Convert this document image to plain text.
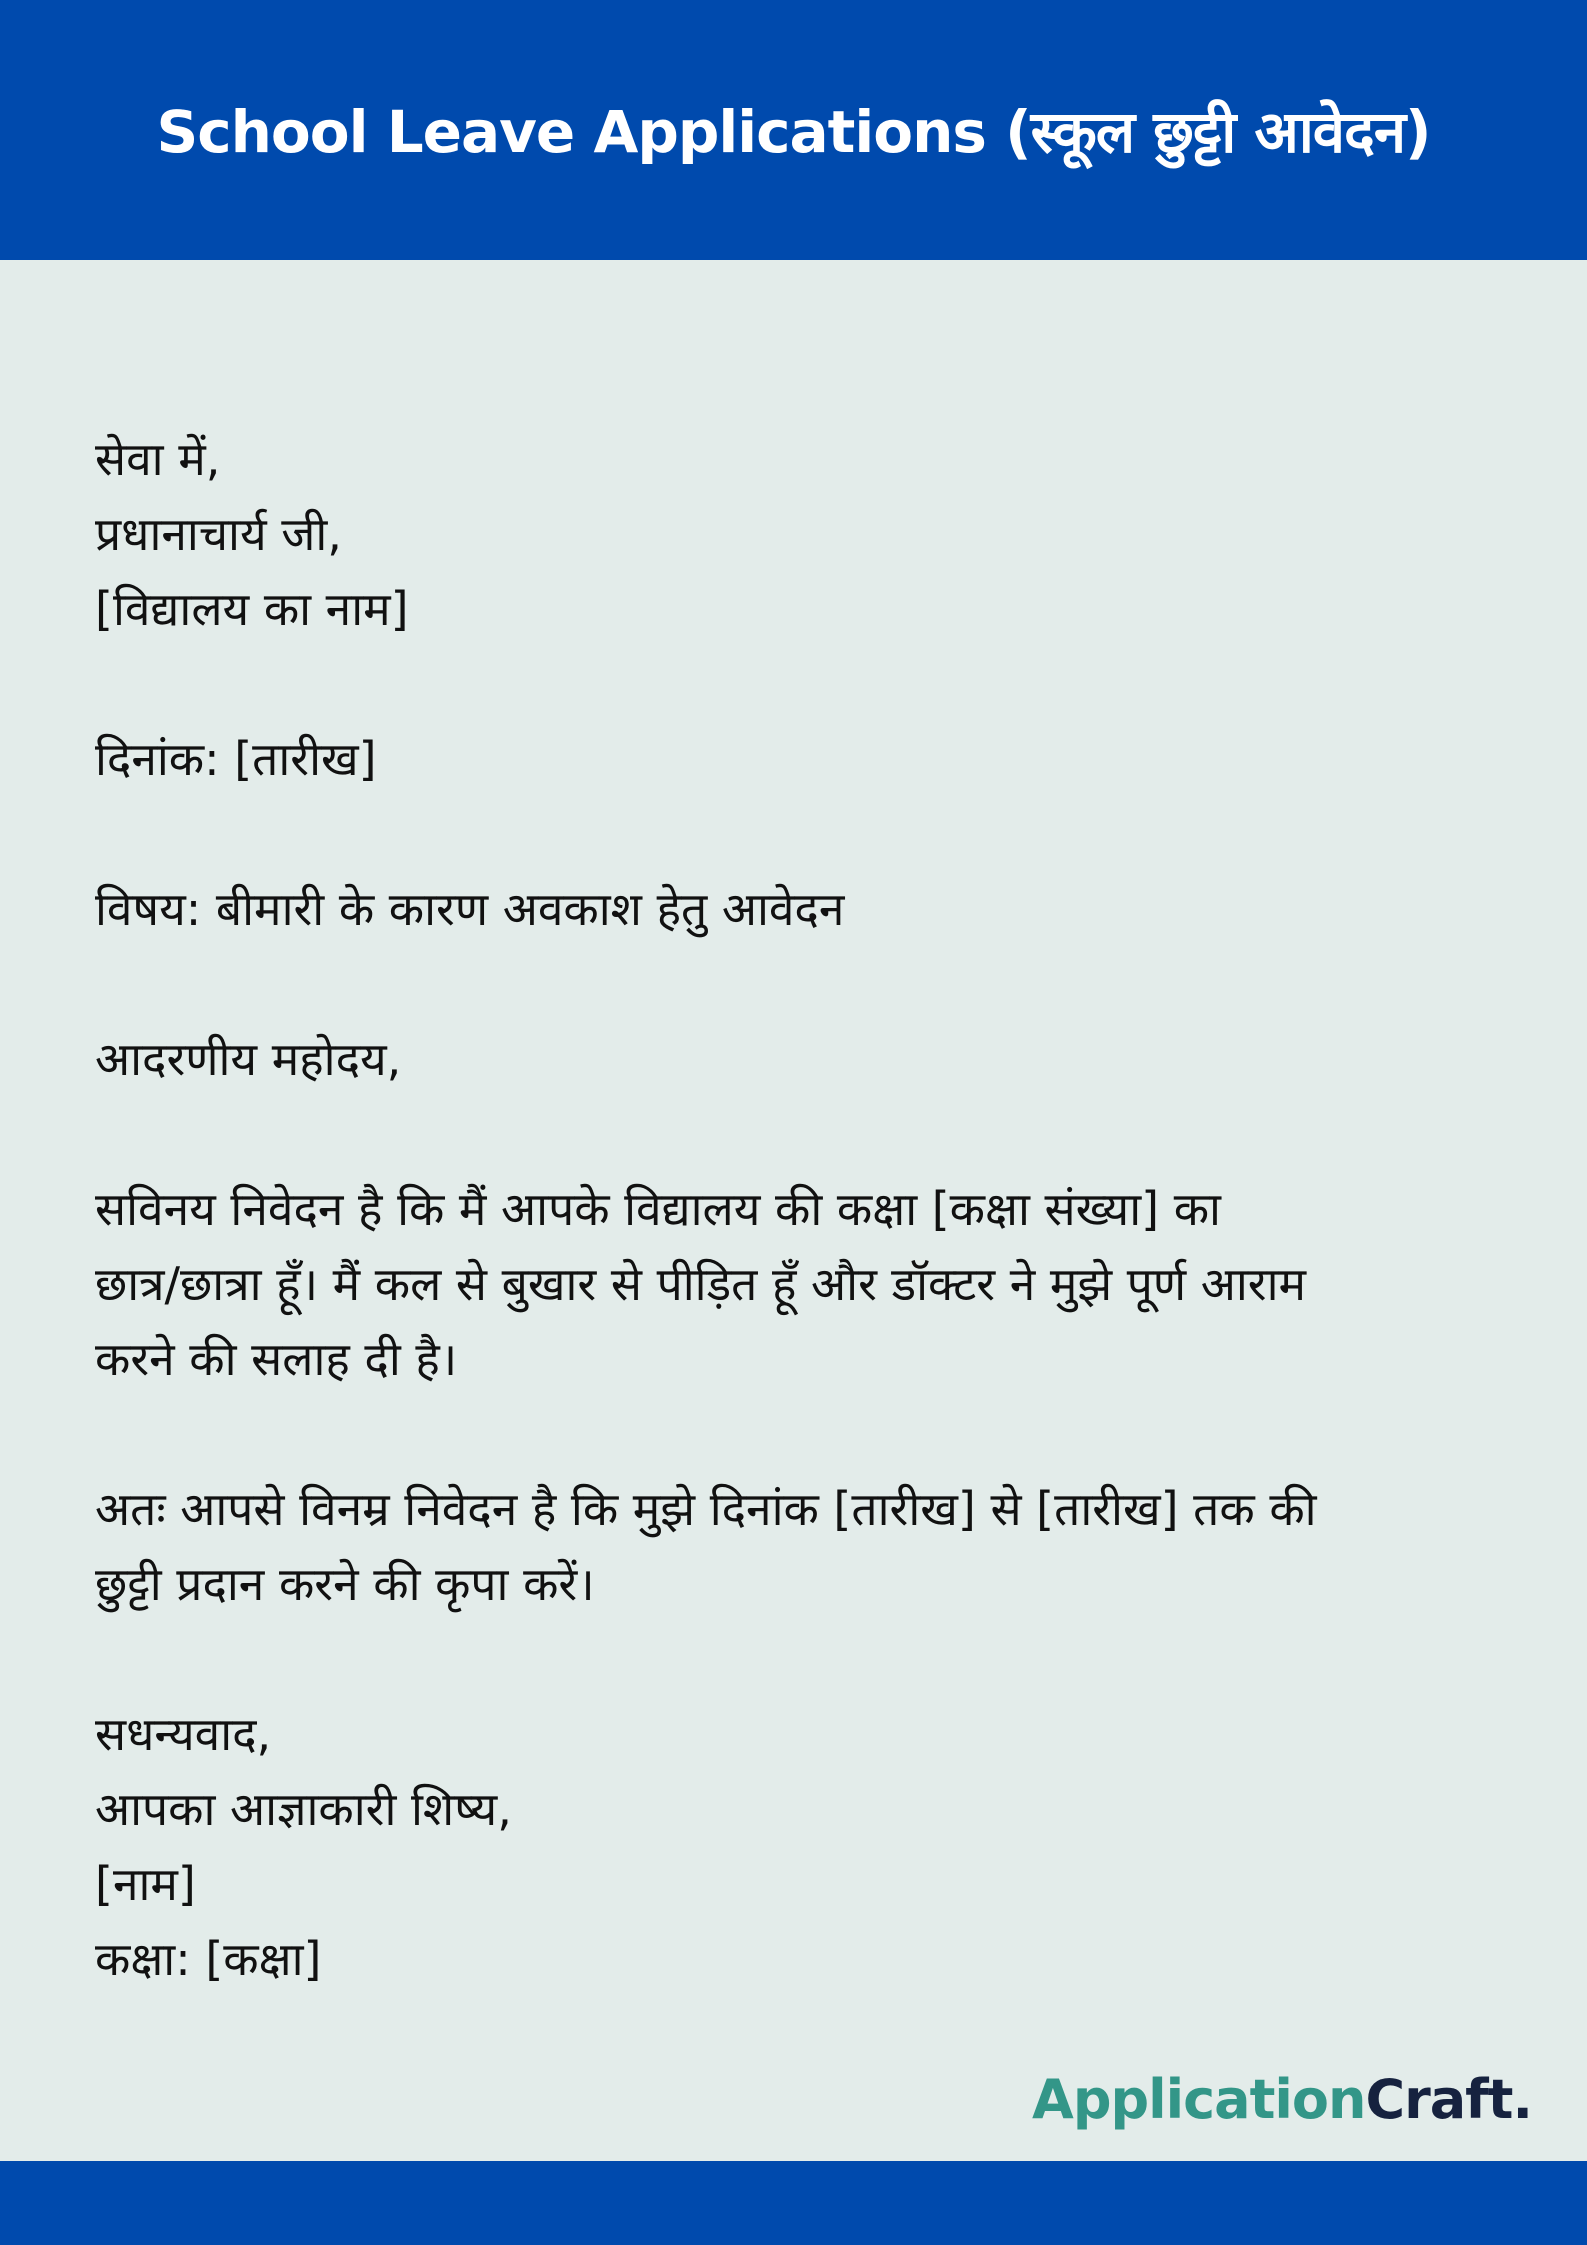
School Leave Applications (स्कूल छुट्टी आवेदन)
सेवा में,
प्रधानाचार्य जी,
[विद्यालय का नाम]
दिनांक: [तारीख]
विषय: बीमारी के कारण अवकाश हेतु आवेदन
आदरणीय महोदय,
सविनय निवेदन है कि मैं आपके विद्यालय की कक्षा [कक्षा संख्या] का
छात्र/छात्रा हूँ। मैं कल से बुखार से पीड़ित हूँ और डॉक्टर ने मुझे पूर्ण आराम
करने की सलाह दी है।
अतः आपसे विनम्र निवेदन है कि मुझे दिनांक [तारीख] से [तारीख] तक की
छुट्टी प्रदान करने की कृपा करें।
सधन्यवाद,
आपका आज्ञाकारी शिष्य,
[नाम]
कक्षा: [कक्षा]
ApplicationCraft.
